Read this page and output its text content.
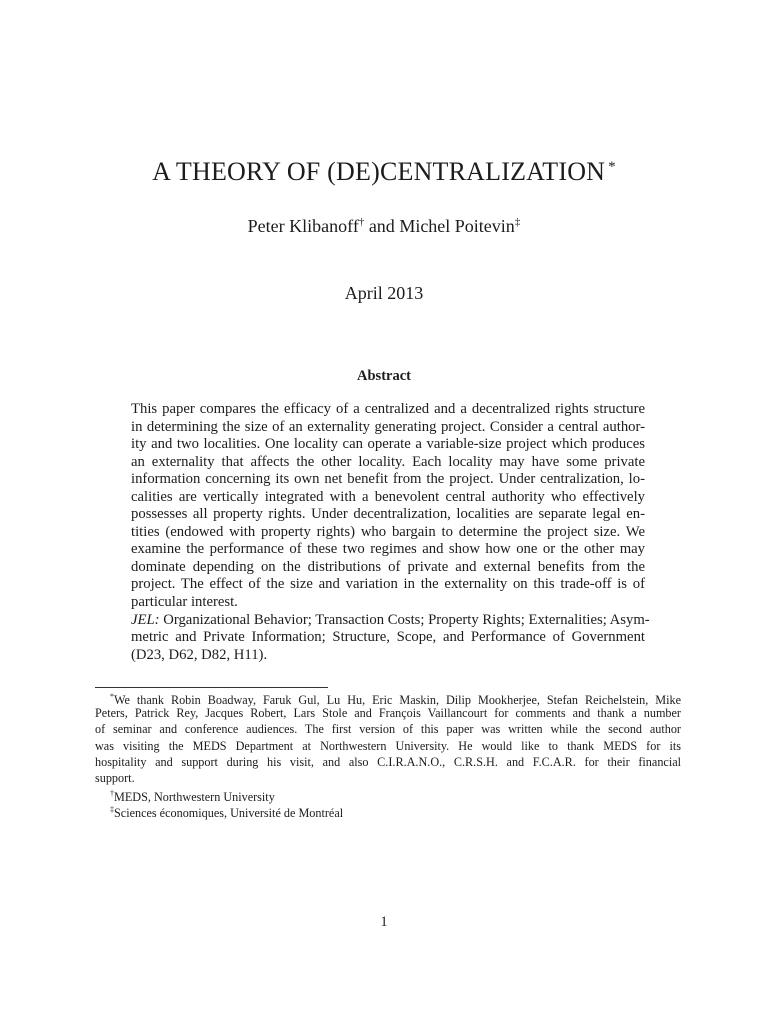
A THEORY OF (DE)CENTRALIZATION *
Peter Klibanoff† and Michel Poitevin‡
April 2013
Abstract
This paper compares the efficacy of a centralized and a decentralized rights structure
in determining the size of an externality generating project. Consider a central author-
ity and two localities. One locality can operate a variable-size project which produces
an externality that affects the other locality. Each locality may have some private
information concerning its own net benefit from the project. Under centralization, lo-
calities are vertically integrated with a benevolent central authority who effectively
possesses all property rights. Under decentralization, localities are separate legal en-
tities (endowed with property rights) who bargain to determine the project size. We
examine the performance of these two regimes and show how one or the other may
dominate depending on the distributions of private and external benefits from the
project. The effect of the size and variation in the externality on this trade-off is of
particular interest.
JEL: Organizational Behavior; Transaction Costs; Property Rights; Externalities; Asym-
metric and Private Information; Structure, Scope, and Performance of Government
(D23, D62, D82, H11).
*We thank Robin Boadway, Faruk Gul, Lu Hu, Eric Maskin, Dilip Mookherjee, Stefan Reichelstein, Mike
Peters, Patrick Rey, Jacques Robert, Lars Stole and François Vaillancourt for comments and thank a number
of seminar and conference audiences. The first version of this paper was written while the second author
was visiting the MEDS Department at Northwestern University. He would like to thank MEDS for its
hospitality and support during his visit, and also C.I.R.A.N.O., C.R.S.H. and F.C.A.R. for their financial
support.
†MEDS, Northwestern University
‡Sciences économiques, Université de Montréal
1
